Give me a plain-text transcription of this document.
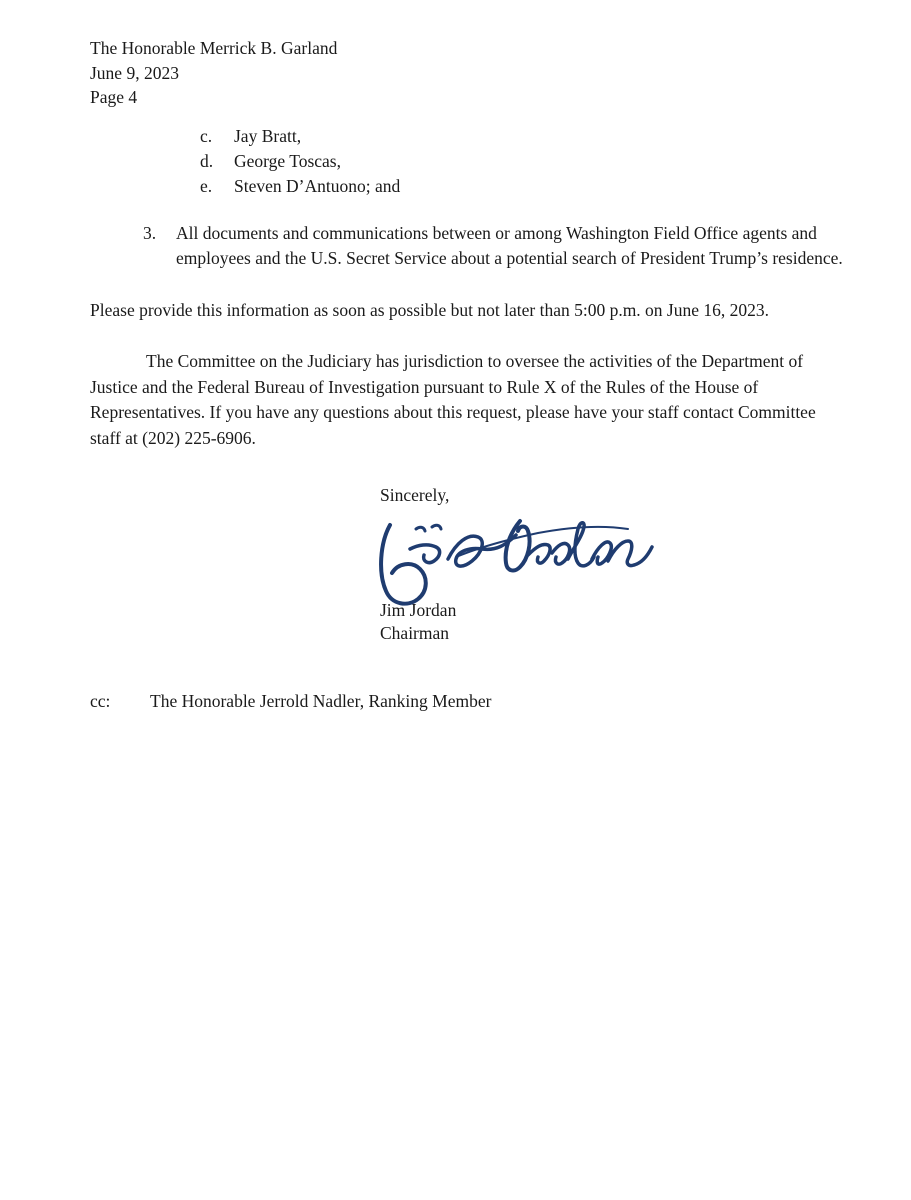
The Honorable Merrick B. Garland
June 9, 2023
Page 4
c.	Jay Bratt,
d.	George Toscas,
e.	Steven D’Antuono; and
3.	All documents and communications between or among Washington Field Office agents and employees and the U.S. Secret Service about a potential search of President Trump’s residence.
Please provide this information as soon as possible but not later than 5:00 p.m. on June 16, 2023.
The Committee on the Judiciary has jurisdiction to oversee the activities of the Department of Justice and the Federal Bureau of Investigation pursuant to Rule X of the Rules of the House of Representatives. If you have any questions about this request, please have your staff contact Committee staff at (202) 225-6906.
Sincerely,
Jim Jordan
Chairman
cc:	The Honorable Jerrold Nadler, Ranking Member
